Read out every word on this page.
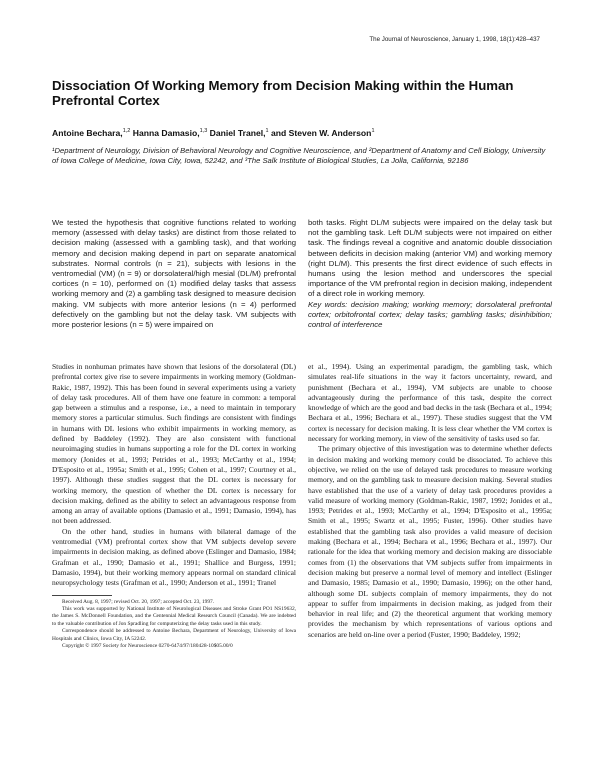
The Journal of Neuroscience, January 1, 1998, 18(1):428–437
Dissociation Of Working Memory from Decision Making within the Human Prefrontal Cortex
Antoine Bechara,$^{1,2}$ Hanna Damasio,$^{1,3}$ Daniel Tranel,$^1$ and Steven W. Anderson$^1$

¹Department of Neurology, Division of Behavioral Neurology and Cognitive Neuroscience, and ²Department of Anatomy and Cell Biology, University of Iowa College of Medicine, Iowa City, Iowa, 52242, and ³The Salk Institute of Biological Studies, La Jolla, California, 92186

We tested the hypothesis that cognitive functions related to working memory (assessed with delay tasks) are distinct from those related to decision making (assessed with a gambling task), and that working memory and decision making depend in part on separate anatomical substrates. Normal controls (n = 21), subjects with lesions in the ventromedial (VM) (n = 9) or dorsolateral/high mesial (DL/M) prefrontal cortices (n = 10), performed on (1) modified delay tasks that assess working memory and (2) a gambling task designed to measure decision making. VM subjects with more anterior lesions (n = 4) performed defectively on the gambling but not the delay task. VM subjects with more posterior lesions (n = 5) were impaired on

both tasks. Right DL/M subjects were impaired on the delay task but not the gambling task. Left DL/M subjects were not impaired on either task. The findings reveal a cognitive and anatomic double dissociation between deficits in decision making (anterior VM) and working memory (right DL/M). This presents the first direct evidence of such effects in humans using the lesion method and underscores the special importance of the VM prefrontal region in decision making, independent of a direct role in working memory.

Key words: decision making; working memory; dorsolateral prefrontal cortex; orbitofrontal cortex; delay tasks; gambling tasks; disinhibition; control of interference

Studies in nonhuman primates have shown that lesions of the dorsolateral (DL) prefrontal cortex give rise to severe impairments in working memory (Goldman-Rakic, 1987, 1992). This has been found in several experiments using a variety of delay task procedures. All of them have one feature in common: a temporal gap between a stimulus and a response, i.e., a need to maintain in temporary memory stores a particular stimulus. Such findings are consistent with findings in humans with DL lesions who exhibit impairments in working memory, as defined by Baddeley (1992). They are also consistent with functional neuroimaging studies in humans supporting a role for the DL cortex in working memory (Jonides et al., 1993; Petrides et al., 1993; McCarthy et al., 1994; D'Esposito et al., 1995a; Smith et al., 1995; Cohen et al., 1997; Courtney et al., 1997). Although these studies suggest that the DL cortex is necessary for working memory, the question of whether the DL cortex is necessary for decision making, defined as the ability to select an advantageous response from among an array of available options (Damasio et al., 1991; Damasio, 1994), has not been addressed.

On the other hand, studies in humans with bilateral damage of the ventromedial (VM) prefrontal cortex show that VM subjects develop severe impairments in decision making, as defined above (Eslinger and Damasio, 1984; Grafman et al., 1990; Damasio et al., 1991; Shallice and Burgess, 1991; Damasio, 1994), but their working memory appears normal on standard clinical neuropsychology tests (Grafman et al., 1990; Anderson et al., 1991; Tranel

Received Aug. 8, 1997; revised Oct. 20, 1997; accepted Oct. 23, 1997.

This work was supported by National Institute of Neurological Diseases and Stroke Grant PO1 NS19632, the James S. McDonnell Foundation, and the Centennial Medical Research Council (Canada). We are indebted to the valuable contribution of Jon Spradling for computerizing the delay tasks used in this study.

Correspondence should be addressed to Antoine Bechara, Department of Neurology, University of Iowa Hospitals and Clinics, Iowa City, IA 52242.

Copyright © 1997 Society for Neuroscience 0270-6474/97/180428-10$05.00/0

et al., 1994). Using an experimental paradigm, the gambling task, which simulates real-life situations in the way it factors uncertainty, reward, and punishment (Bechara et al., 1994), VM subjects are unable to choose advantageously during the performance of this task, despite the correct knowledge of which are the good and bad decks in the task (Bechara et al., 1994; Bechara et al., 1996; Bechara et al., 1997). These studies suggest that the VM cortex is necessary for decision making. It is less clear whether the VM cortex is necessary for working memory, in view of the sensitivity of tasks used so far.

The primary objective of this investigation was to determine whether defects in decision making and working memory could be dissociated. To achieve this objective, we relied on the use of delayed task procedures to measure working memory, and on the gambling task to measure decision making. Several studies have established that the use of a variety of delay task procedures provides a valid measure of working memory (Goldman-Rakic, 1987, 1992; Jonides et al., 1993; Petrides et al., 1993; McCarthy et al., 1994; D'Esposito et al., 1995a; Smith et al., 1995; Swartz et al., 1995; Fuster, 1996). Other studies have established that the gambling task also provides a valid measure of decision making (Bechara et al., 1994; Bechara et al., 1996; Bechara et al., 1997). Our rationale for the idea that working memory and decision making are dissociable comes from (1) the observations that VM subjects suffer from impairments in decision making but preserve a normal level of memory and intellect (Eslinger and Damasio, 1985; Damasio et al., 1990; Damasio, 1996); on the other hand, although some DL subjects complain of memory impairments, they do not appear to suffer from impairments in decision making, as judged from their behavior in real life; and (2) the theoretical argument that working memory provides the mechanism by which representations of various options and scenarios are held on-line over a period (Fuster, 1990; Baddeley, 1992;
